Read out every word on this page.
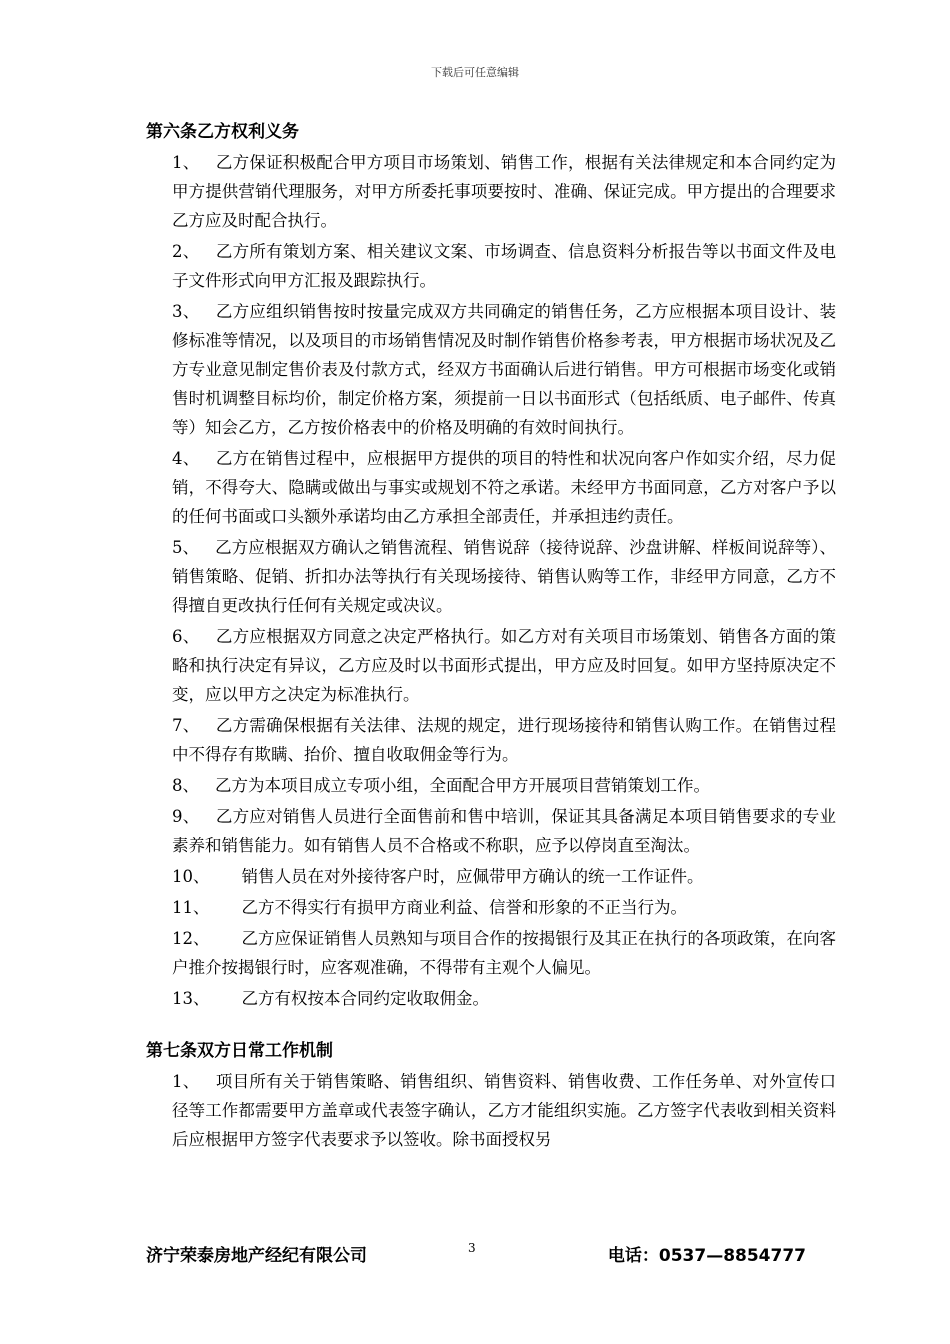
下载后可任意编辑
第六条乙方权利义务
1、 乙方保证积极配合甲方项目市场策划、销售工作，根据有关法律规定和本合同约定为甲方提供营销代理服务，对甲方所委托事项要按时、准确、保证完成。甲方提出的合理要求乙方应及时配合执行。
2、 乙方所有策划方案、相关建议文案、市场调查、信息资料分析报告等以书面文件及电子文件形式向甲方汇报及跟踪执行。
3、 乙方应组织销售按时按量完成双方共同确定的销售任务，乙方应根据本项目设计、装修标准等情况，以及项目的市场销售情况及时制作销售价格参考表，甲方根据市场状况及乙方专业意见制定售价表及付款方式，经双方书面确认后进行销售。甲方可根据市场变化或销售时机调整目标均价，制定价格方案，须提前一日以书面形式（包括纸质、电子邮件、传真等）知会乙方，乙方按价格表中的价格及明确的有效时间执行。
4、 乙方在销售过程中，应根据甲方提供的项目的特性和状况向客户作如实介绍，尽力促销，不得夸大、隐瞒或做出与事实或规划不符之承诺。未经甲方书面同意，乙方对客户予以的任何书面或口头额外承诺均由乙方承担全部责任，并承担违约责任。
5、 乙方应根据双方确认之销售流程、销售说辞（接待说辞、沙盘讲解、样板间说辞等）、销售策略、促销、折扣办法等执行有关现场接待、销售认购等工作，非经甲方同意，乙方不得擅自更改执行任何有关规定或决议。
6、 乙方应根据双方同意之决定严格执行。如乙方对有关项目市场策划、销售各方面的策略和执行决定有异议，乙方应及时以书面形式提出，甲方应及时回复。如甲方坚持原决定不变，应以甲方之决定为标准执行。
7、 乙方需确保根据有关法律、法规的规定，进行现场接待和销售认购工作。在销售过程中不得存有欺瞒、抬价、擅自收取佣金等行为。
8、 乙方为本项目成立专项小组，全面配合甲方开展项目营销策划工作。
9、 乙方应对销售人员进行全面售前和售中培训，保证其具备满足本项目销售要求的专业素养和销售能力。如有销售人员不合格或不称职，应予以停岗直至淘汰。
10、 销售人员在对外接待客户时，应佩带甲方确认的统一工作证件。
11、 乙方不得实行有损甲方商业利益、信誉和形象的不正当行为。
12、 乙方应保证销售人员熟知与项目合作的按揭银行及其正在执行的各项政策，在向客户推介按揭银行时，应客观准确，不得带有主观个人偏见。
13、 乙方有权按本合同约定收取佣金。
第七条双方日常工作机制
1、 项目所有关于销售策略、销售组织、销售资料、销售收费、工作任务单、对外宣传口径等工作都需要甲方盖章或代表签字确认，乙方才能组织实施。乙方签字代表收到相关资料后应根据甲方签字代表要求予以签收。除书面授权另
济宁荣泰房地产经纪有限公司	3	电话：0537—8854777
